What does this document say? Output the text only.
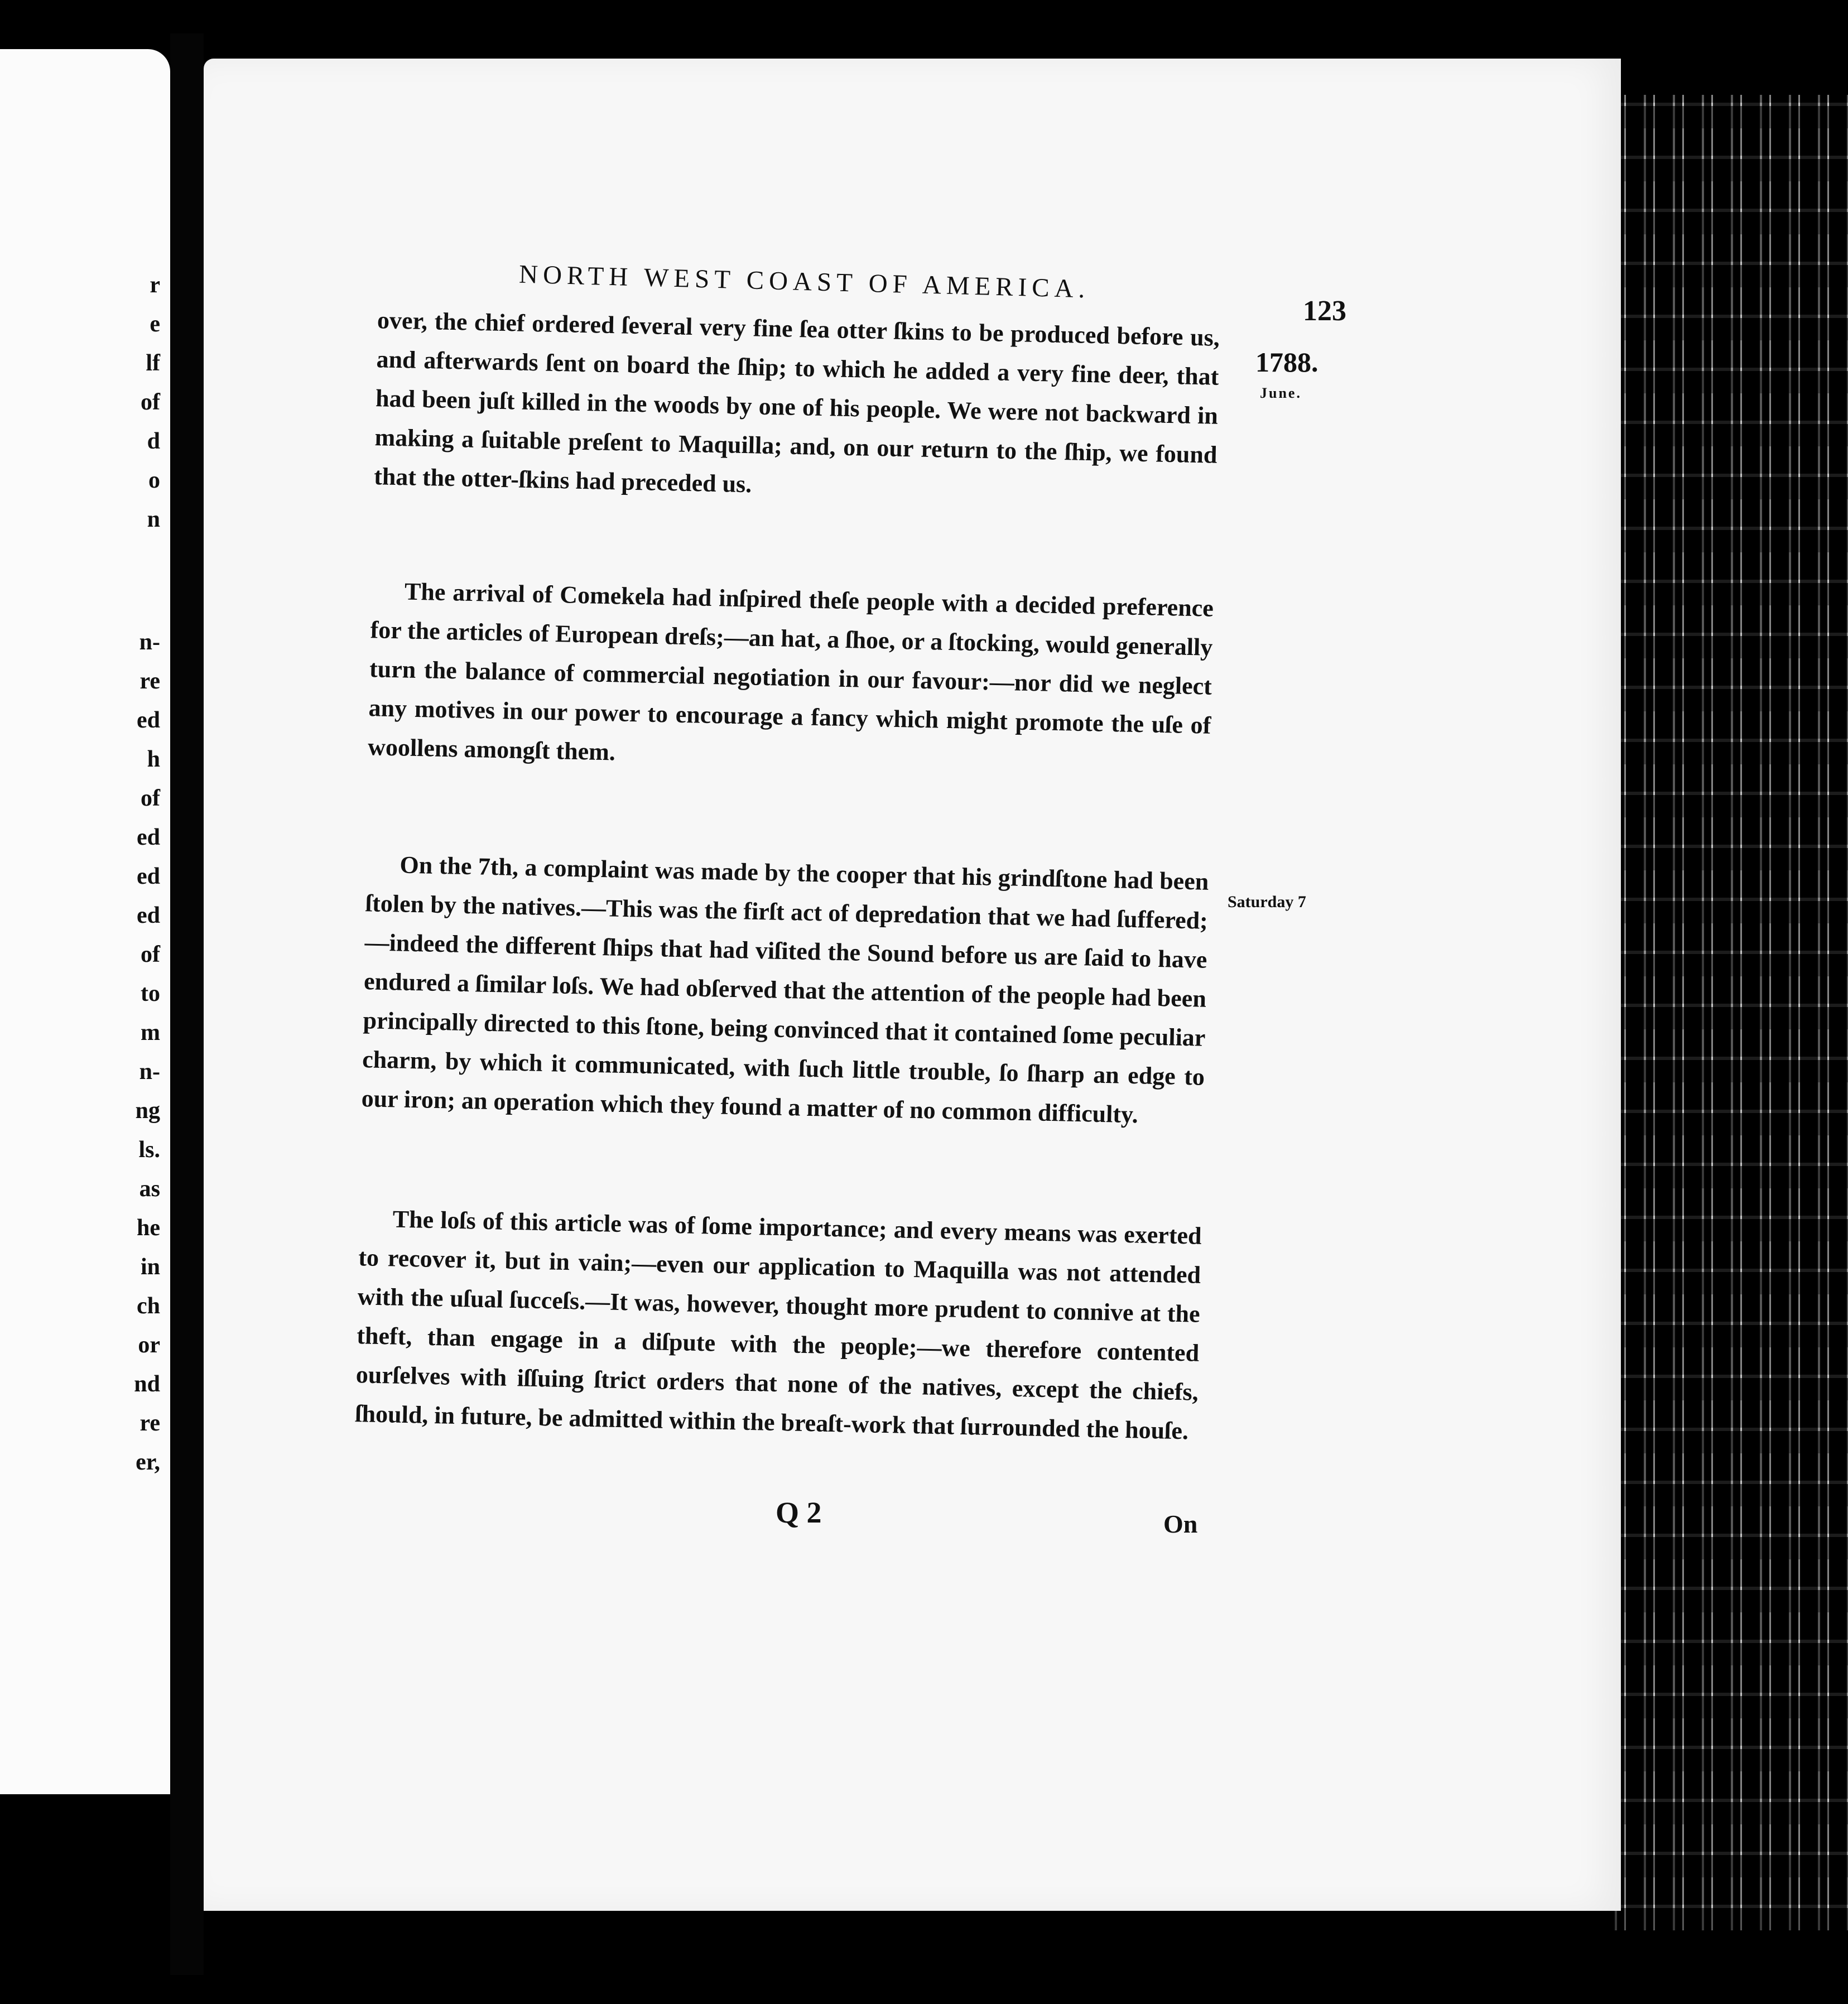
r
e
lf
of
d
o
n
n-
re
ed
h
of
ed
ed
ed
of
to
m
n-
ng
ls.
as
he
in
ch
or
nd
re
er,
NORTH WEST COAST OF AMERICA.
123
1788.
June.
Saturday 7

over, the chief ordered ſeveral very fine ſea otter ſkins to be produced before us, and afterwards ſent on board the ſhip; to which he added a very fine deer, that had been juſt killed in the woods by one of his people. We were not backward in making a ſuitable preſent to Maquilla; and, on our return to the ſhip, we found that the otter-ſkins had preceded us.

The arrival of Comekela had inſpired theſe people with a decided preference for the articles of European dreſs;—an hat, a ſhoe, or a ſtocking, would generally turn the balance of commercial negotiation in our favour:—nor did we neglect any motives in our power to encourage a fancy which might promote the uſe of woollens amongſt them.

On the 7th, a complaint was made by the cooper that his grindſtone had been ſtolen by the natives.—This was the firſt act of depredation that we had ſuffered;—indeed the different ſhips that had viſited the Sound before us are ſaid to have endured a ſimilar loſs. We had obſerved that the attention of the people had been principally directed to this ſtone, being convinced that it contained ſome peculiar charm, by which it communicated, with ſuch little trouble, ſo ſharp an edge to our iron; an operation which they found a matter of no common difficulty.

The loſs of this article was of ſome importance; and every means was exerted to recover it, but in vain;—even our application to Maquilla was not attended with the uſual ſucceſs.—It was, however, thought more prudent to connive at the theft, than engage in a diſpute with the people;—we therefore contented ourſelves with iſſuing ſtrict orders that none of the natives, except the chiefs, ſhould, in future, be admitted within the breaſt-work that ſurrounded the houſe.

Q 2	On
